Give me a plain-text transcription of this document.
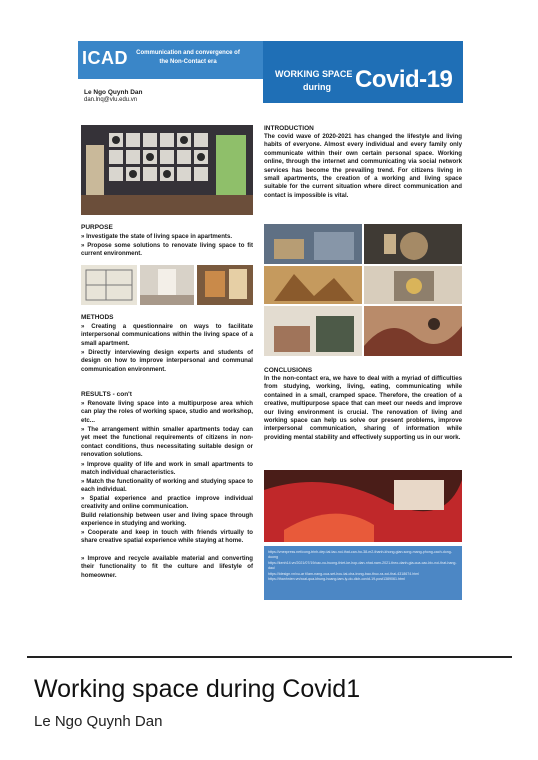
ICAD	Communication and convergence of the Non-Contact era
WORKING SPACE
during Covid-19
Le Ngo Quynh Dan
dan.lnq@vlu.edu.vn
PURPOSE
» Investigate the state of living space in apartments.
» Propose some solutions to renovate living space to fit current environment.
METHODS
» Creating a questionnaire on ways to facilitate interpersonal communications within the living space of a small apartment.
» Directly interviewing design experts and students of design on how to improve interpersonal and communal communication environment.
RESULTS - con't
» Renovate living space into a multipurpose area which can play the roles of working space, studio and workshop, etc...
» The arrangement within smaller apartments today can yet meet the functional requirements of citizens in non-contact conditions, thus necessitating suitable design or renovation solutions.
» Improve quality of life and work in small apartments to match individual characteristics.
» Match the functionality of working and studying space to each individual.
» Spatial experience and practice improve individual creativity and online communication.
Build relationship between user and living space through experience in studying and working.
» Cooperate and keep in touch with friends virtually to share creative spatial experience while staying at home.
» Improve and recycle available material and converting their functionality to fit the culture and lifestyle of homeowner.
INTRODUCTION
The covid wave of 2020-2021 has changed the lifestyle and living habits of everyone. Almost every individual and every family only communicate within their own certain personal space. Working online, through the internet and communicating via social network services has become the prevailing trend. For citizens living in small apartments, the creation of a working and living space suitable for the current situation where direct communication and contact is impossible is vital.
CONCLUSIONS
In the non-contact era, we have to deal with a myriad of difficulties from studying, working, living, eating, communicating while contained in a small, cramped space. Therefore, the creation of a creative, multipurpose space that can meet our needs and improve our living environment is crucial. The renovation of living and working space can help us solve our present problems, improve interpersonal communication, sharing of information while providing mental stability and effectively supporting us in our work.
https://vnexpress.net/cong-trinh-dep-tai-tao-noi-that-can-ho-38-m2-thanh-khong-gian-song-mang-phong-cach-dong-duong
https://kenh14.vn/2021/07/19/cac-xu-huong-thiet-ke-hop-dan-nhat-nam-2021-theo-danh-gia-cua-cac-bic-noi-that-hang-dau/
https://idesign.vn/xu-ar t/lam-nang-cua-set-hou-tai-cha-trong-bao-thuc-ra-xoi-thai-4318674.html
https://thanhnien.vn/xoai-qua-khung-hoang-tam-ly-do-dich-covid-19-post1389061.html
Working space during Covid1
Le Ngo Quynh Dan
